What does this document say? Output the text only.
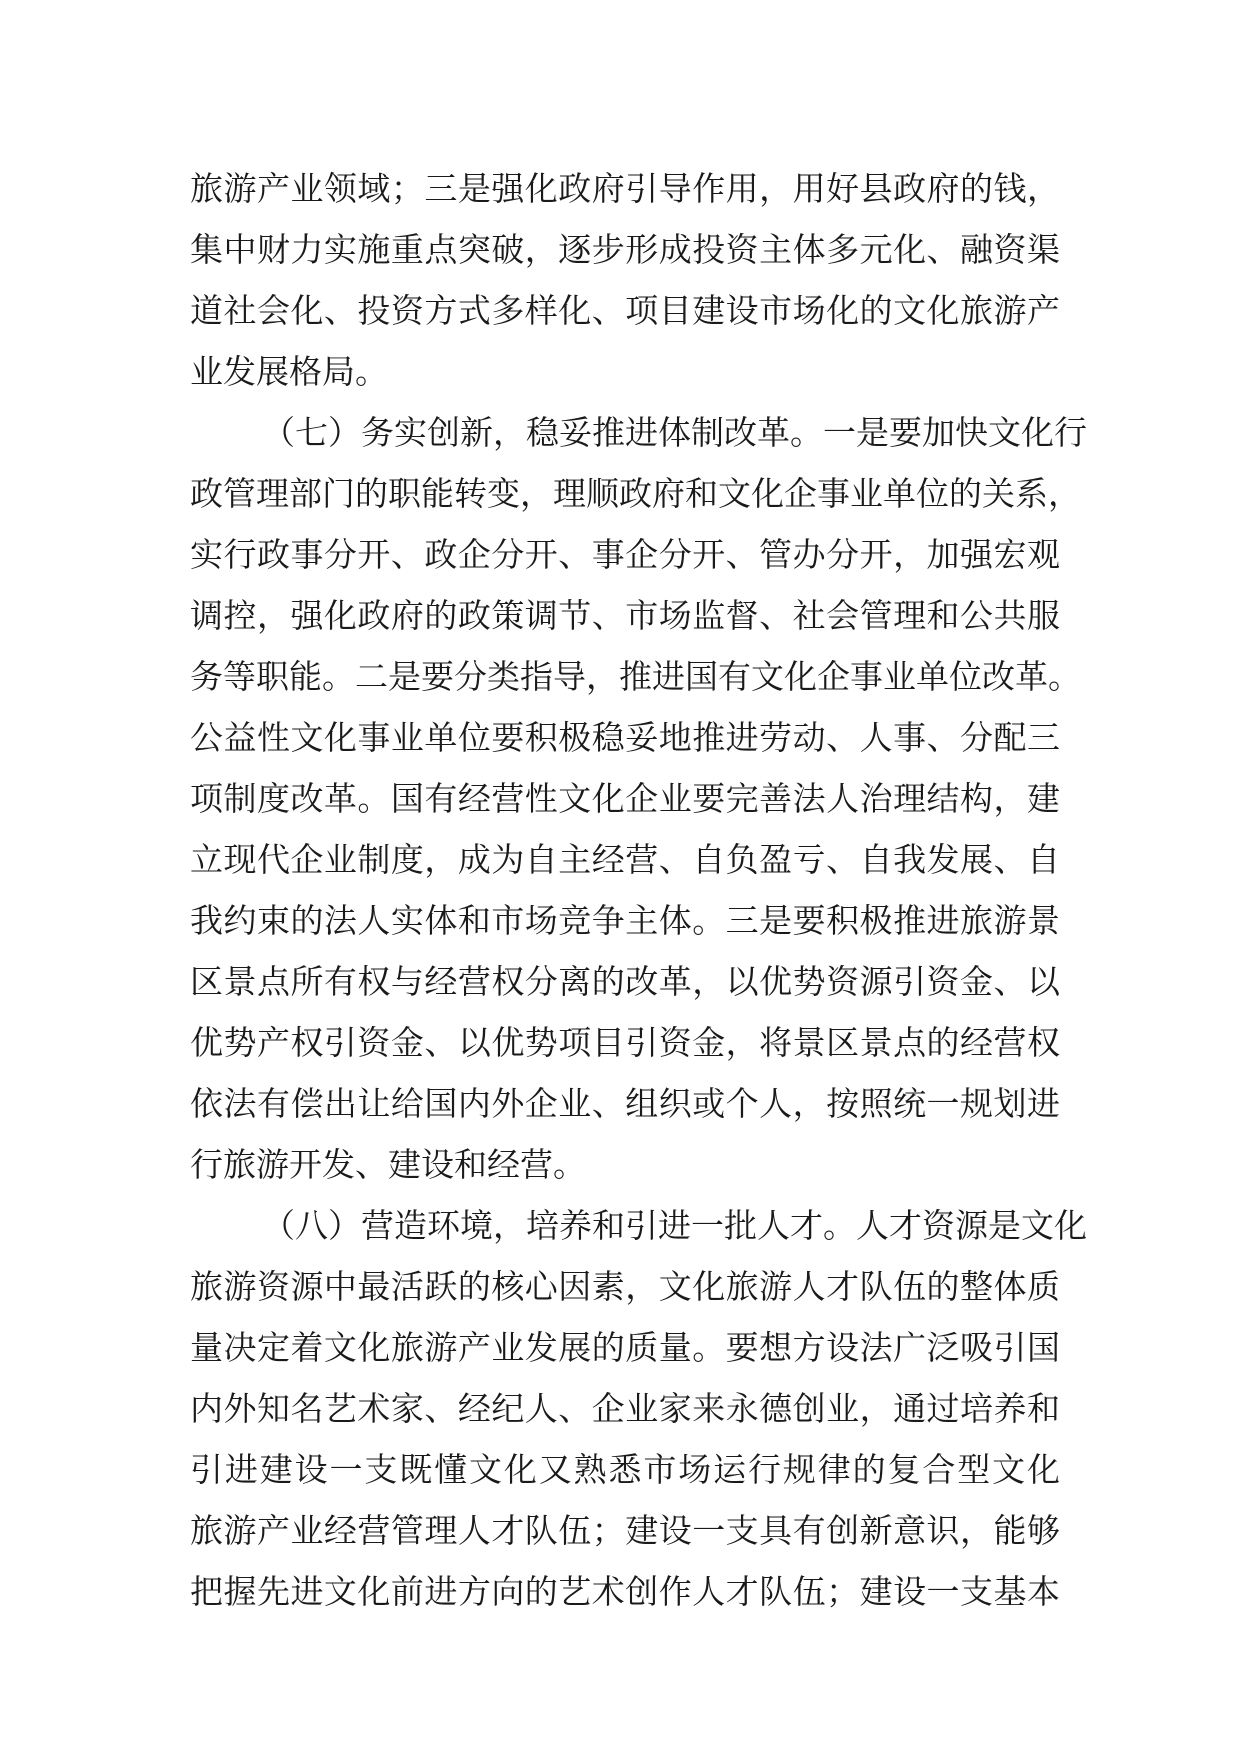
旅游产业领域；三是强化政府引导作用，用好县政府的钱，
集中财力实施重点突破，逐步形成投资主体多元化、融资渠
道社会化、投资方式多样化、项目建设市场化的文化旅游产
业发展格局。
（七）务实创新，稳妥推进体制改革。一是要加快文化行
政管理部门的职能转变，理顺政府和文化企事业单位的关系，
实行政事分开、政企分开、事企分开、管办分开，加强宏观
调控，强化政府的政策调节、市场监督、社会管理和公共服
务等职能。二是要分类指导，推进国有文化企事业单位改革。
公益性文化事业单位要积极稳妥地推进劳动、人事、分配三
项制度改革。国有经营性文化企业要完善法人治理结构，建
立现代企业制度，成为自主经营、自负盈亏、自我发展、自
我约束的法人实体和市场竞争主体。三是要积极推进旅游景
区景点所有权与经营权分离的改革，以优势资源引资金、以
优势产权引资金、以优势项目引资金，将景区景点的经营权
依法有偿出让给国内外企业、组织或个人，按照统一规划进
行旅游开发、建设和经营。
（八）营造环境，培养和引进一批人才。人才资源是文化
旅游资源中最活跃的核心因素，文化旅游人才队伍的整体质
量决定着文化旅游产业发展的质量。要想方设法广泛吸引国
内外知名艺术家、经纪人、企业家来永德创业，通过培养和
引进建设一支既懂文化又熟悉市场运行规律的复合型文化
旅游产业经营管理人才队伍；建设一支具有创新意识，能够
把握先进文化前进方向的艺术创作人才队伍；建设一支基本
